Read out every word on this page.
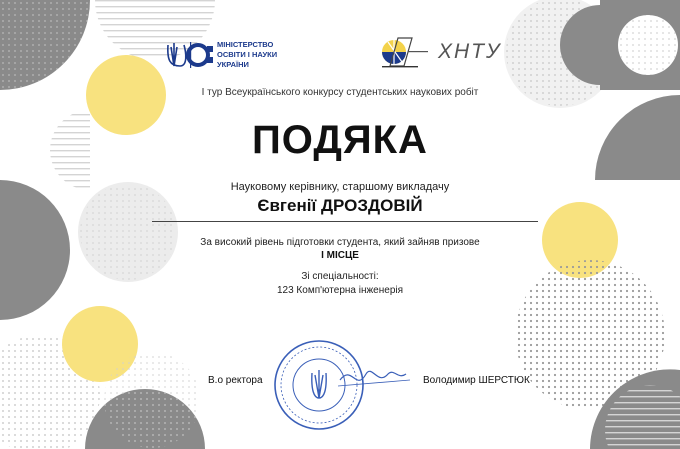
МІНІСТЕРСТВО
ОСВІТИ І НАУКИ
УКРАЇНИ
ХНТУ
І тур Всеукраїнського конкурсу студентських наукових робіт
ПОДЯКА
Науковому керівнику, старшому викладачу
Євгенії ДРОЗДОВІЙ
За високий рівень підготовки студента, який зайняв призове
І МІСЦЕ
Зі спеціальності:
123 Комп'ютерна інженерія
В.о ректора	Володимир ШЕРСТЮК
